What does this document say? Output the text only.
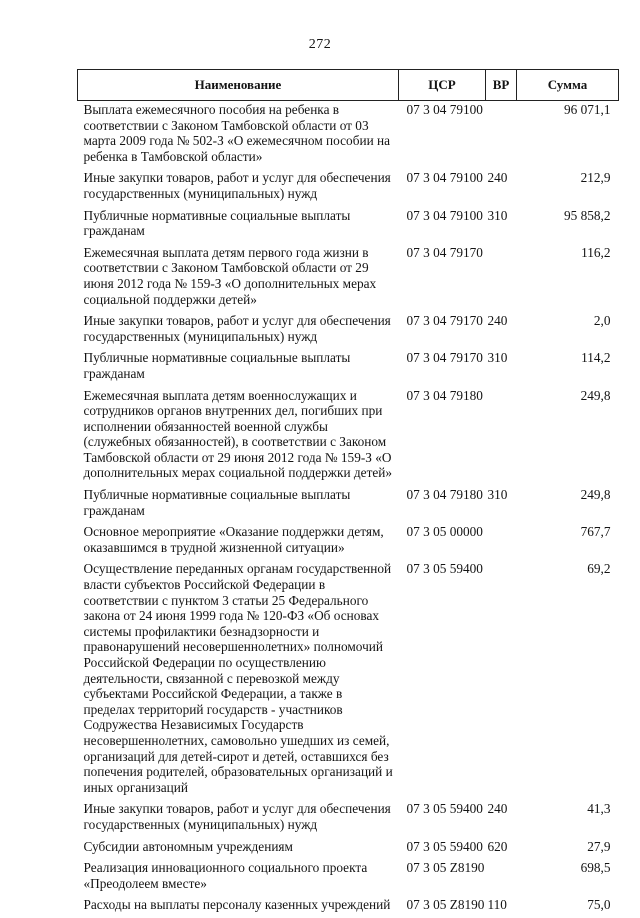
272
Наименование	ЦСР	ВР	Сумма
Выплата ежемесячного пособия на ребенка в соответствии с Законом Тамбовской области от 03 марта 2009 года № 502-З «О ежемесячном пособии на ребенка в Тамбовской области»	07 3 04 79100		96 071,1
Иные закупки товаров, работ и услуг для обеспечения государственных (муниципальных) нужд	07 3 04 79100	240	212,9
Публичные нормативные социальные выплаты гражданам	07 3 04 79100	310	95 858,2
Ежемесячная выплата детям первого года жизни в соответствии с Законом Тамбовской области от 29 июня 2012 года № 159-З «О дополнительных мерах социальной поддержки детей»	07 3 04 79170		116,2
Иные закупки товаров, работ и услуг для обеспечения государственных (муниципальных) нужд	07 3 04 79170	240	2,0
Публичные нормативные социальные выплаты гражданам	07 3 04 79170	310	114,2
Ежемесячная выплата детям военнослужащих и сотрудников органов внутренних дел, погибших при исполнении обязанностей военной службы (служебных обязанностей), в соответствии с Законом Тамбовской области от 29 июня 2012 года № 159-З «О дополнительных мерах социальной поддержки детей»	07 3 04 79180		249,8
Публичные нормативные социальные выплаты гражданам	07 3 04 79180	310	249,8
Основное мероприятие «Оказание поддержки детям, оказавшимся в трудной жизненной ситуации»	07 3 05 00000		767,7
Осуществление переданных органам государственной власти субъектов Российской Федерации в соответствии с пунктом 3 статьи 25 Федерального закона от 24 июня 1999 года № 120-ФЗ «Об основах системы профилактики безнадзорности и правонарушений несовершеннолетних» полномочий Российской Федерации по осуществлению деятельности, связанной с перевозкой между субъектами Российской Федерации, а также в пределах территорий государств - участников Содружества Независимых Государств несовершеннолетних, самовольно ушедших из семей, организаций для детей-сирот и детей, оставшихся без попечения родителей, образовательных организаций и иных организаций	07 3 05 59400		69,2
Иные закупки товаров, работ и услуг для обеспечения государственных (муниципальных) нужд	07 3 05 59400	240	41,3
Субсидии автономным учреждениям	07 3 05 59400	620	27,9
Реализация инновационного социального проекта «Преодолеем вместе»	07 3 05 Z8190		698,5
Расходы на выплаты персоналу казенных учреждений	07 3 05 Z8190	110	75,0
